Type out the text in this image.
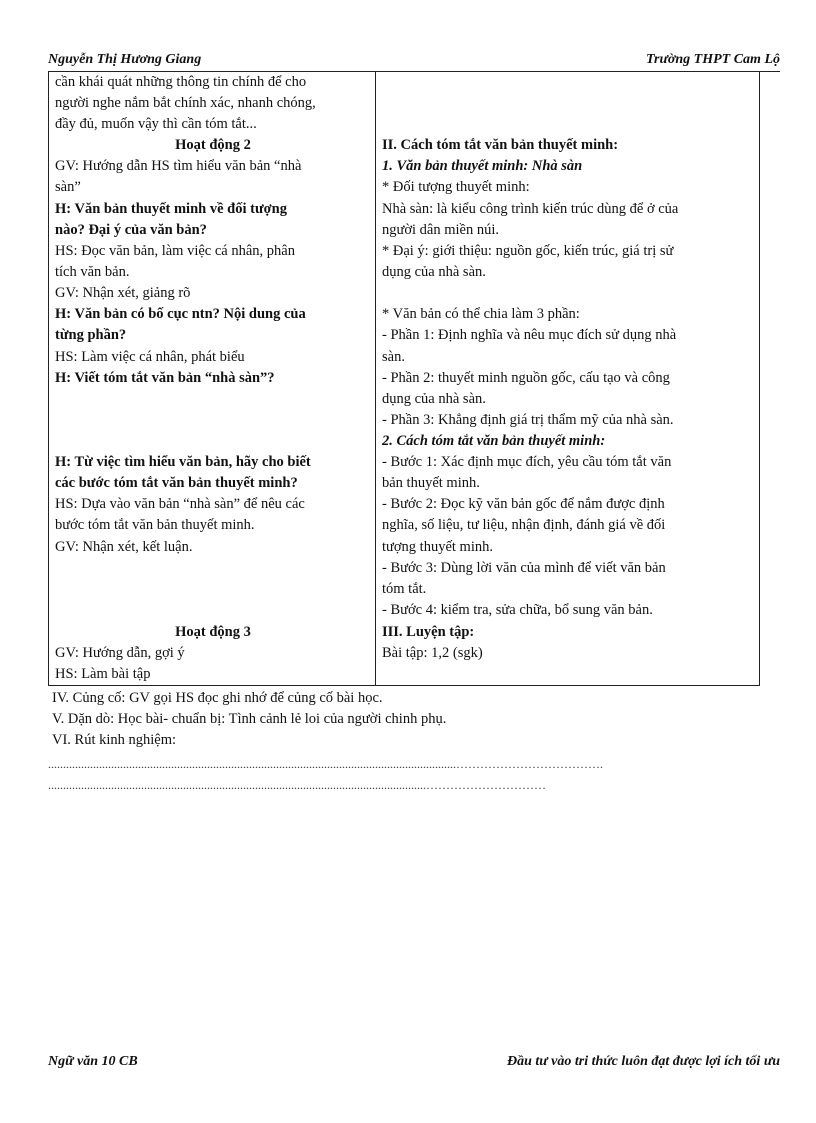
Nguyễn Thị Hương Giang	Trường THPT Cam Lộ
cần khái quát những thông tin chính để cho
người nghe nắm bắt chính xác, nhanh chóng,
đầy đủ, muốn vậy thì cần tóm tắt...
Hoạt động 2
GV: Hướng dẫn HS tìm hiểu văn bản “nhà
sàn”
H: Văn bản thuyết minh về đối tượng
nào? Đại ý của văn bản?
HS: Đọc văn bản, làm việc cá nhân, phân
tích văn bản.
GV: Nhận xét, giảng rõ
H: Văn bản có bố cục ntn? Nội dung của
từng phần?
HS: Làm việc cá nhân, phát biểu
H: Viết tóm tắt văn bản “nhà sàn”?
H: Từ việc tìm hiểu văn bản, hãy cho biết
các bước tóm tắt văn bản thuyết minh?
HS: Dựa vào văn bản “nhà sàn” để nêu các
bước tóm tắt văn bản thuyết minh.
GV: Nhận xét, kết luận.
Hoạt động 3
GV: Hướng dẫn, gợi ý
HS: Làm bài tập
II. Cách tóm tắt văn bản thuyết minh:
1. Văn bản thuyết minh: Nhà sàn
* Đối tượng thuyết minh:
Nhà sàn: là kiểu công trình kiến trúc dùng để ở của
người dân miền núi.
* Đại ý: giới thiệu: nguồn gốc, kiến trúc, giá trị sử
dụng của nhà sàn.
* Văn bản có thể chia làm 3 phần:
- Phần 1: Định nghĩa và nêu mục đích sử dụng nhà
sàn.
- Phần 2: thuyết minh nguồn gốc, cấu tạo và công
dụng của nhà sàn.
- Phần 3: Khẳng định giá trị thẩm mỹ của nhà sàn.
2. Cách tóm tắt văn bản thuyết minh:
- Bước 1: Xác định mục đích, yêu cầu tóm tắt văn
bản thuyết minh.
- Bước 2: Đọc kỹ văn bản gốc để nắm được định
nghĩa, số liệu, tư liệu, nhận định, đánh giá về đối
tượng thuyết minh.
- Bước 3: Dùng lời văn của mình để viết văn bản
tóm tắt.
- Bước 4: kiểm tra, sửa chữa, bổ sung văn bản.
III. Luyện tập:
Bài tập: 1,2 (sgk)
IV. Củng cố: GV gọi HS đọc ghi nhớ để củng cố bài học.
V. Dặn dò: Học bài- chuẩn bị: Tình cảnh lẻ loi của người chinh phụ.
VI. Rút kinh nghiệm:
........................................................................................................................................……………………………….
..............................................................................................................................…………………………
Ngữ văn 10 CB	Đầu tư vào tri thức luôn đạt được lợi ích tối ưu
